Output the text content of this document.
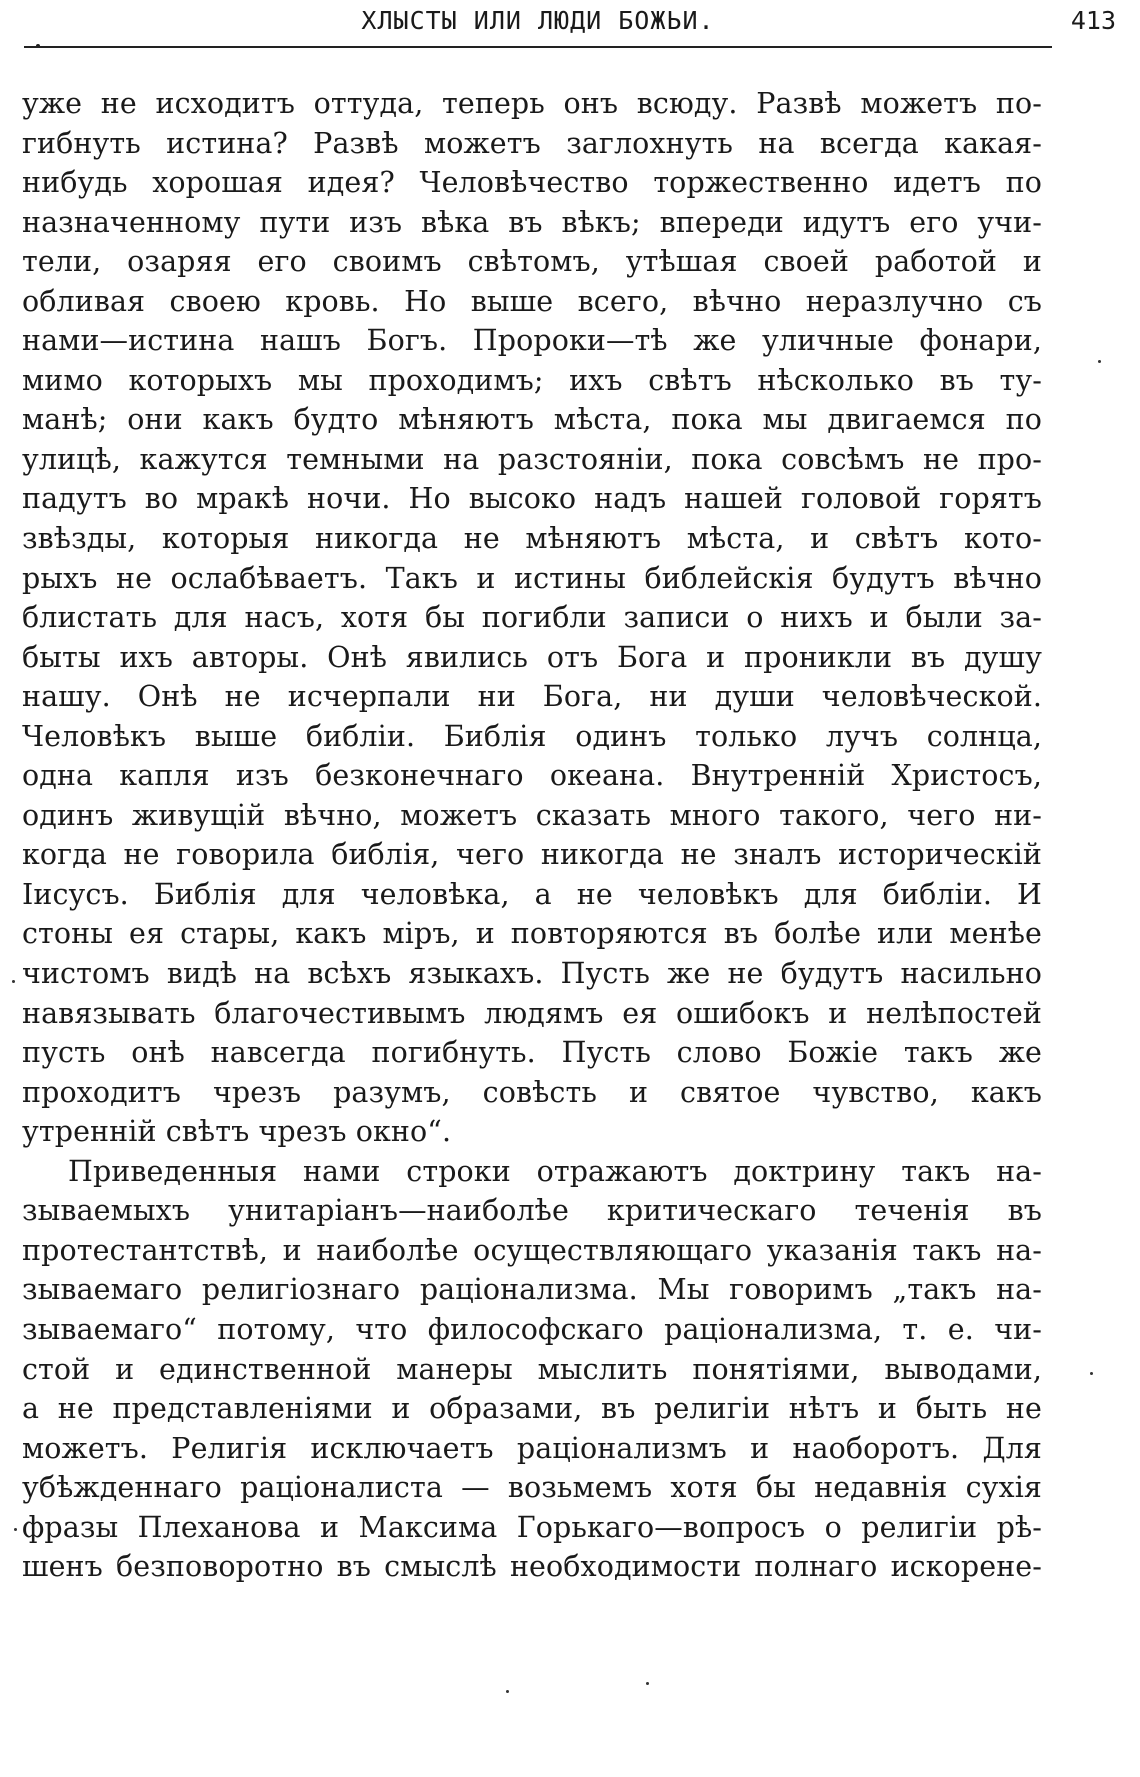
ХЛЫСТЫ ИЛИ ЛЮДИ БОЖЬИ.	413
уже не исходитъ оттуда, теперь онъ всюду. Развѣ можетъ по-
гибнуть истина? Развѣ можетъ заглохнуть на всегда какая-
нибудь хорошая идея? Человѣчество торжественно идетъ по
назначенному пути изъ вѣка въ вѣкъ; впереди идутъ его учи-
тели, озаряя его своимъ свѣтомъ, утѣшая своей работой и
обливая своею кровь. Но выше всего, вѣчно неразлучно съ
нами—истина нашъ Богъ. Пророки—тѣ же уличные фонари,
мимо которыхъ мы проходимъ; ихъ свѣтъ нѣсколько въ ту-
манѣ; они какъ будто мѣняютъ мѣста, пока мы двигаемся по
улицѣ, кажутся темными на разстояніи, пока совсѣмъ не про-
падутъ во мракѣ ночи. Но высоко надъ нашей головой горятъ
звѣзды, которыя никогда не мѣняютъ мѣста, и свѣтъ кото-
рыхъ не ослабѣваетъ. Такъ и истины библейскія будутъ вѣчно
блистать для насъ, хотя бы погибли записи о нихъ и были за-
быты ихъ авторы. Онѣ явились отъ Бога и проникли въ душу
нашу. Онѣ не исчерпали ни Бога, ни души человѣческой.
Человѣкъ выше библіи. Библія одинъ только лучъ солнца,
одна капля изъ безконечнаго океана. Внутренній Христосъ,
одинъ живущій вѣчно, можетъ сказать много такого, чего ни-
когда не говорила библія, чего никогда не зналъ историческій
Іисусъ. Библія для человѣка, а не человѣкъ для библіи. И
стоны ея стары, какъ міръ, и повторяются въ болѣе или менѣе
чистомъ видѣ на всѣхъ языкахъ. Пусть же не будутъ насильно
навязывать благочестивымъ людямъ ея ошибокъ и нелѣпостей
пусть онѣ навсегда погибнуть. Пусть слово Божіе такъ же
проходитъ чрезъ разумъ, совѣсть и святое чувство, какъ
утренній свѣтъ чрезъ окно“.
Приведенныя нами строки отражаютъ доктрину такъ на-
зываемыхъ унитаріанъ—наиболѣе критическаго теченія въ
протестантствѣ, и наиболѣе осуществляющаго указанія такъ на-
зываемаго религіознаго раціонализма. Мы говоримъ „такъ на-
зываемаго“ потому, что философскаго раціонализма, т. е. чи-
стой и единственной манеры мыслить понятіями, выводами,
а не представленіями и образами, въ религіи нѣтъ и быть не
можетъ. Религія исключаетъ раціонализмъ и наоборотъ. Для
убѣжденнаго раціоналиста — возьмемъ хотя бы недавнія сухія
фразы Плеханова и Максима Горькаго—вопросъ о религіи рѣ-
шенъ безповоротно въ смыслѣ необходимости полнаго искорене-
